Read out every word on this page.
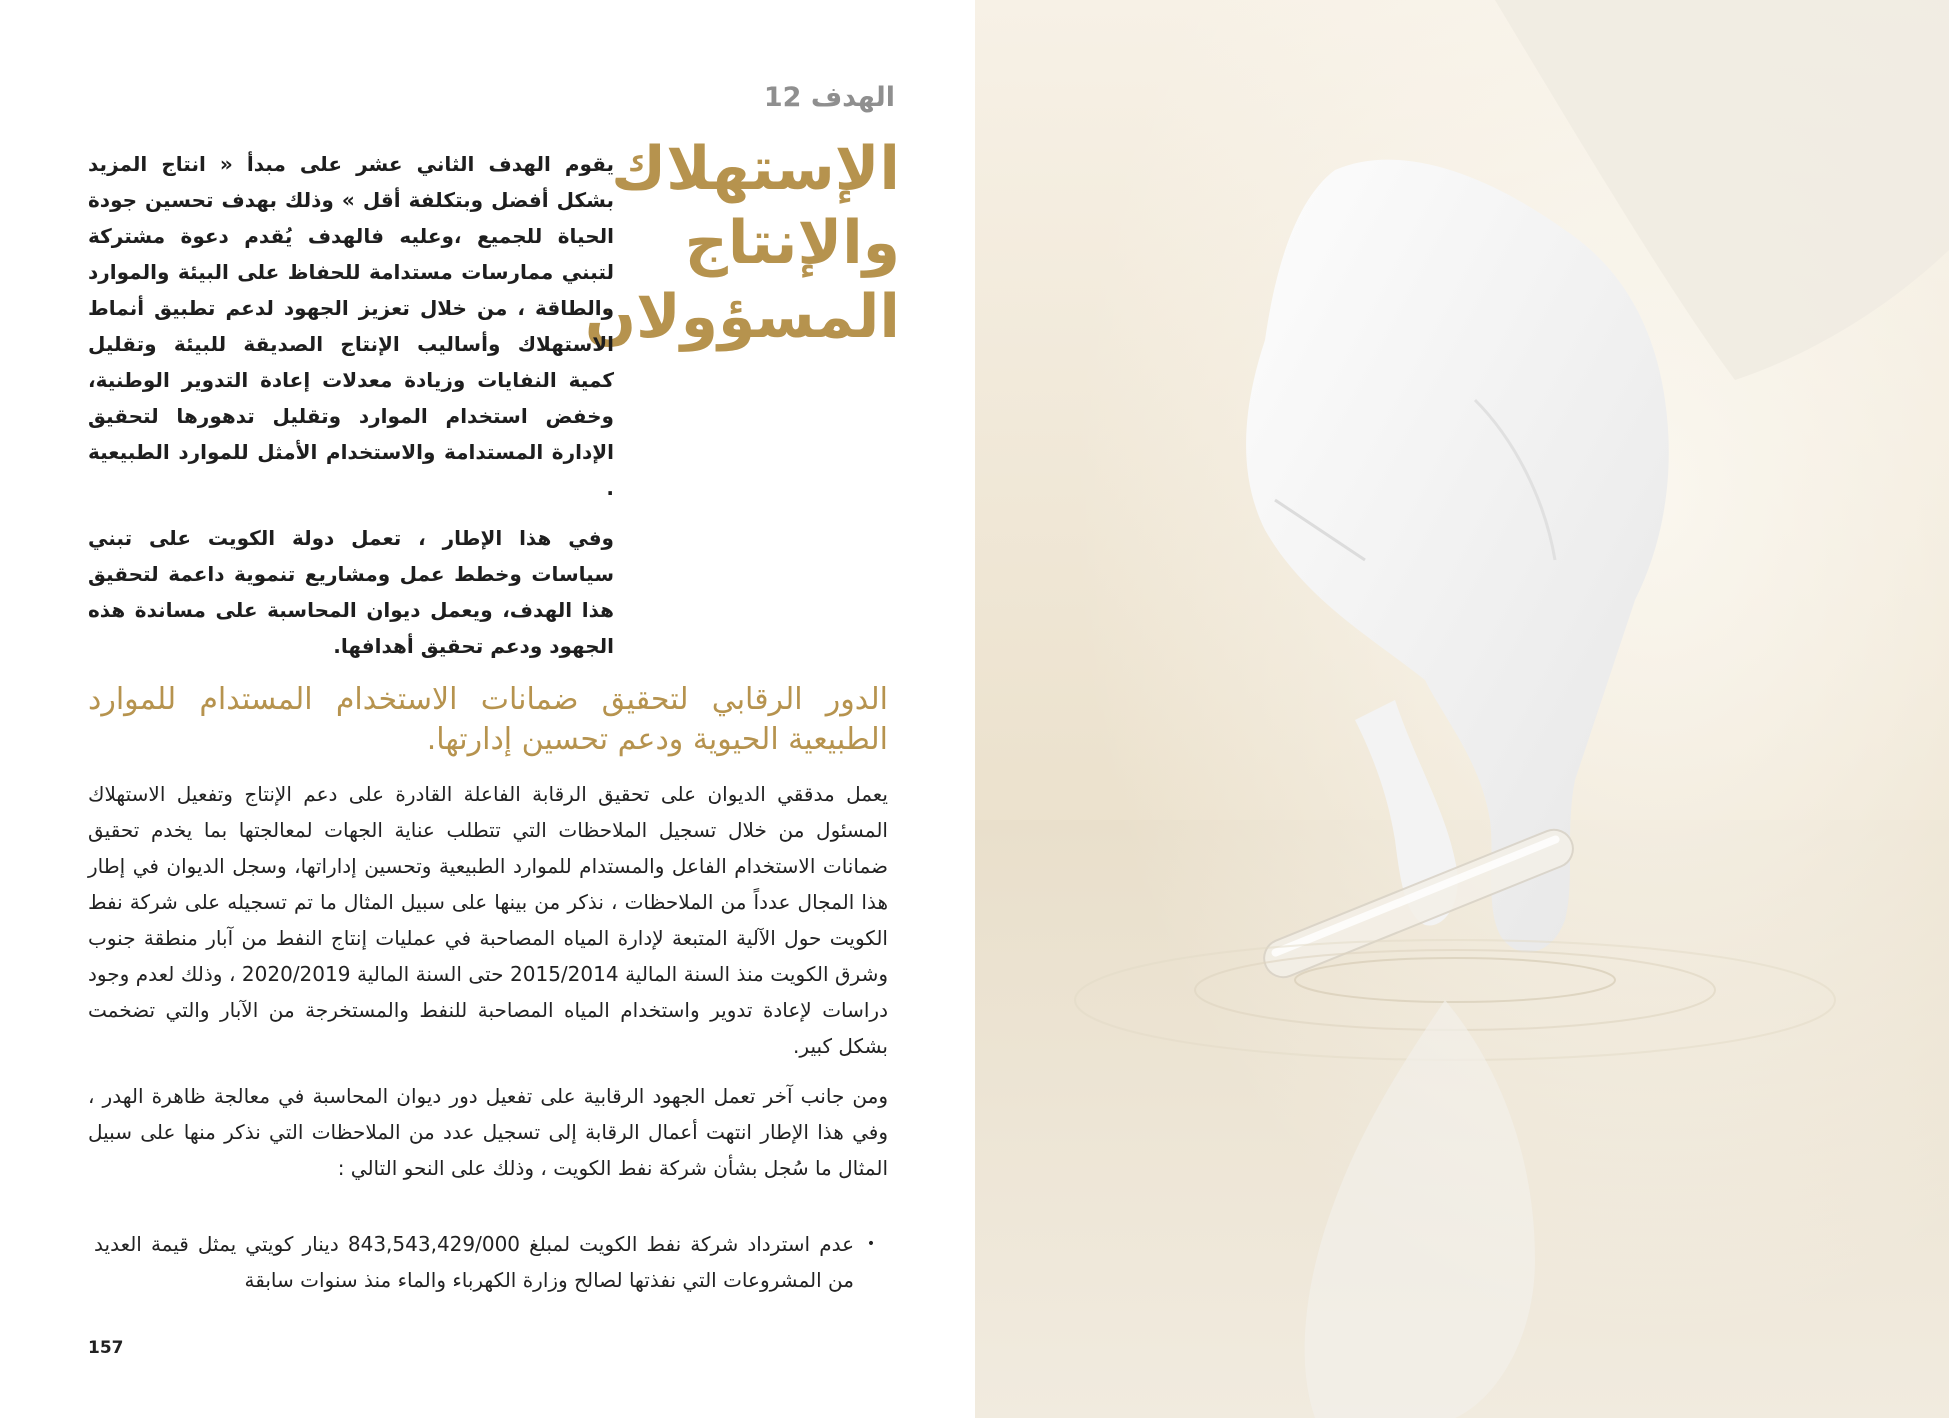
الهدف 12
الإستهلاك
والإنتاج
المسؤولان

يقوم الهدف الثاني عشر على مبدأ « انتاج المزيد بشكل أفضل وبتكلفة أقل » وذلك بهدف تحسين جودة الحياة للجميع ،وعليه فالهدف يُقدم دعوة مشتركة لتبني ممارسات مستدامة للحفاظ على البيئة والموارد والطاقة ، من خلال تعزيز الجهود لدعم تطبيق أنماط الاستهلاك وأساليب الإنتاج الصديقة للبيئة وتقليل كمية النفايات وزيادة معدلات إعادة التدوير الوطنية، وخفض استخدام الموارد وتقليل تدهورها لتحقيق الإدارة المستدامة والاستخدام الأمثل للموارد الطبيعية .

وفي هذا الإطار ، تعمل دولة الكويت على تبني سياسات وخطط عمل ومشاريع تنموية داعمة لتحقيق هذا الهدف، ويعمل ديوان المحاسبة على مساندة هذه الجهود ودعم تحقيق أهدافها.

الدور الرقابي لتحقيق ضمانات الاستخدام المستدام للموارد الطبيعية الحيوية ودعم تحسين إدارتها.

يعمل مدققي الديوان على تحقيق الرقابة الفاعلة القادرة على دعم الإنتاج وتفعيل الاستهلاك المسئول من خلال تسجيل الملاحظات التي تتطلب عناية الجهات لمعالجتها بما يخدم تحقيق ضمانات الاستخدام الفاعل والمستدام للموارد الطبيعية وتحسين إداراتها، وسجل الديوان في إطار هذا المجال عدداً من الملاحظات ، نذكر من بينها على سبيل المثال ما تم تسجيله على شركة نفط الكويت حول الآلية المتبعة لإدارة المياه المصاحبة في عمليات إنتاج النفط من آبار منطقة جنوب وشرق الكويت منذ السنة المالية 2015/2014 حتى السنة المالية 2020/2019 ، وذلك لعدم وجود دراسات لإعادة تدوير واستخدام المياه المصاحبة للنفط والمستخرجة من الآبار والتي تضخمت بشكل كبير.

ومن جانب آخر تعمل الجهود الرقابية على تفعيل دور ديوان المحاسبة في معالجة ظاهرة الهدر ، وفي هذا الإطار انتهت أعمال الرقابة إلى تسجيل عدد من الملاحظات التي نذكر منها على سبيل المثال ما سُجل بشأن شركة نفط الكويت ، وذلك على النحو التالي :

•
عدم استرداد شركة نفط الكويت لمبلغ 843,543,429/000 دينار كويتي يمثل قيمة العديد من المشروعات التي نفذتها لصالح وزارة الكهرباء والماء منذ سنوات سابقة
157
